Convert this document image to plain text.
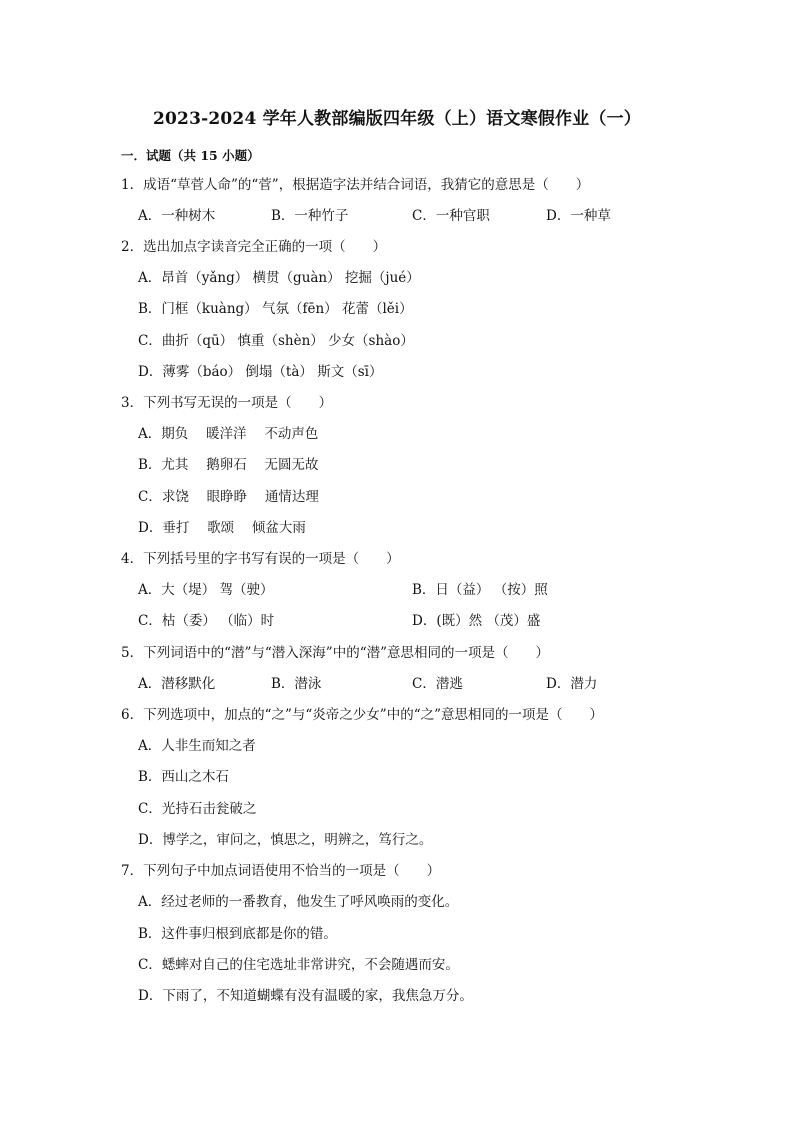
2023-2024 学年人教部编版四年级（上）语文寒假作业（一）
一．试题（共 15 小题）
1．成语“草菅人命”的“菅”，根据造字法并结合词语，我猜它的意思是（　　）
A．一种树木	B．一种竹子	C．一种官职	D．一种草
2．选出加点字读音完全正确的一项（　　）
A．昂首（yǎng） 横贯（guàn） 挖掘（jué）
B．门框（kuàng） 气氛（fēn） 花蕾（lěi）
C．曲折（qū） 慎重（shèn） 少女（shào）
D．薄雾（báo） 倒塌（tà） 斯文（sī）
3．下列书写无误的一项是（　　）
A．期负　 暖洋洋　 不动声色
B．尤其　 鹅卵石　 无圆无故
C．求饶　 眼睁睁　 通情达理
D．垂打　 歌颂　 倾盆大雨
4．下列括号里的字书写有误的一项是（　　）
A．大（堤） 驾（驶）	B．日（益） （按）照
C．枯（委） （临）时	D．(既）然 （茂）盛
5．下列词语中的“潜”与“潜入深海”中的“潜”意思相同的一项是（　　）
A．潜移默化	B．潜泳	C．潜逃	D．潜力
6．下列选项中，加点的“之”与“炎帝之少女”中的“之”意思相同的一项是（　　）
A．人非生而知之者
B．西山之木石
C．光持石击瓮破之
D．博学之，审问之，慎思之，明辨之，笃行之。
7．下列句子中加点词语使用不恰当的一项是（　　）
A．经过老师的一番教育，他发生了呼风唤雨的变化。
B．这件事归根到底都是你的错。
C．蟋蟀对自己的住宅选址非常讲究，不会随遇而安。
D．下雨了，不知道蝴蝶有没有温暖的家，我焦急万分。
